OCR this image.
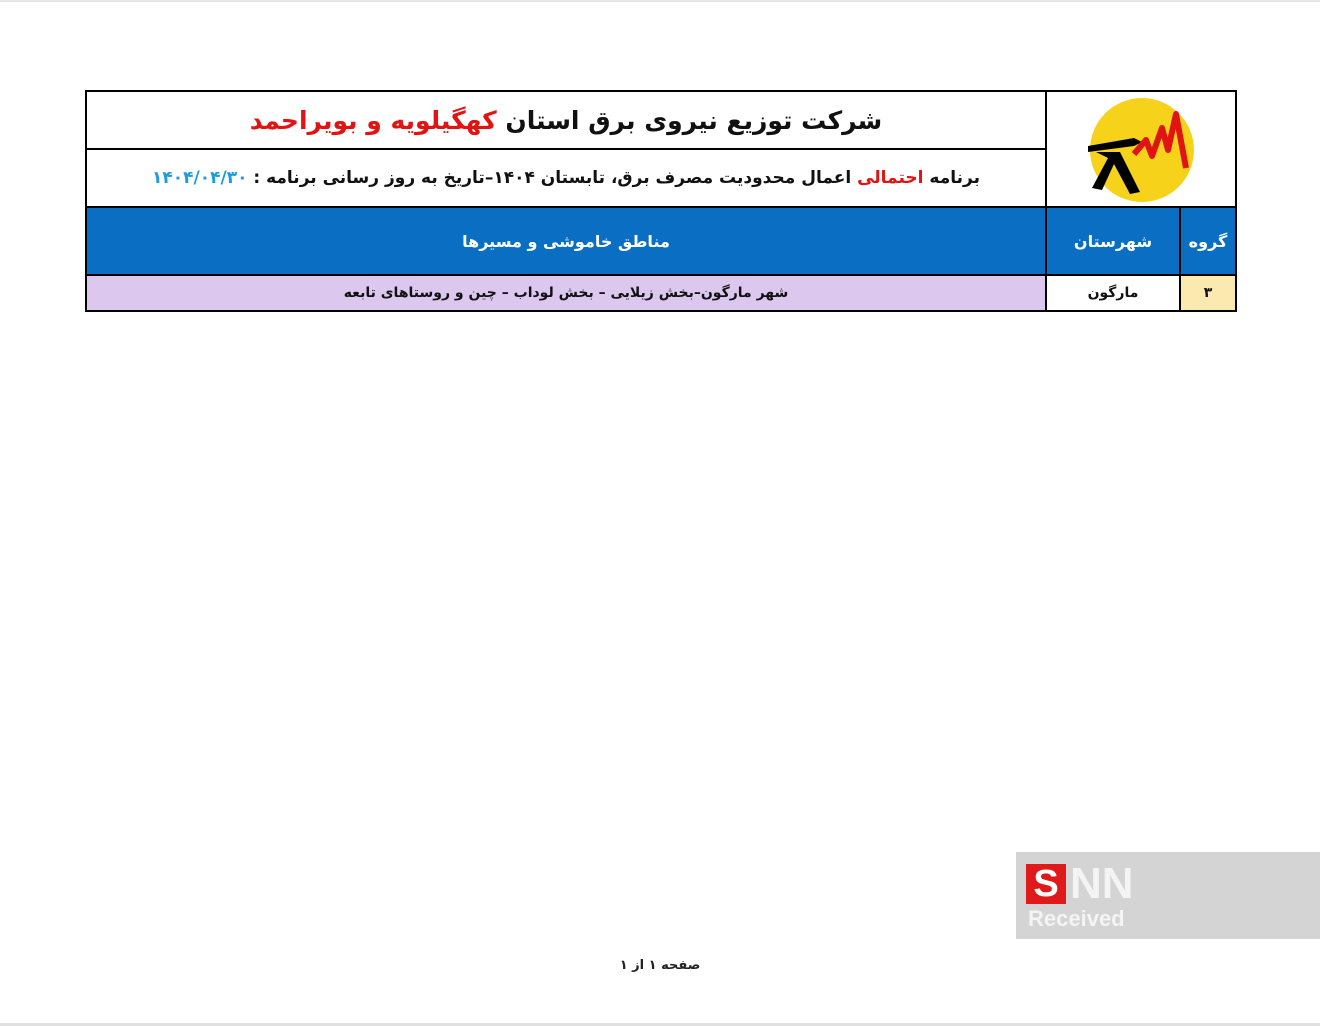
	شرکت توزیع نیروی برق استان کهگیلویه و بویراحمد
		برنامه احتمالی اعمال محدودیت مصرف برق، تابستان ۱۴۰۴–تاریخ به روز رسانی برنامه : ۱۴۰۴/۰۴/۳۰
گروه	شهرستان	مناطق خاموشی و مسیرها
۳	مارگون	شهر مارگون–بخش زیلایی – بخش لوداب – چین و روستاهای تابعه
S NN
Received
صفحه ۱ از ۱
